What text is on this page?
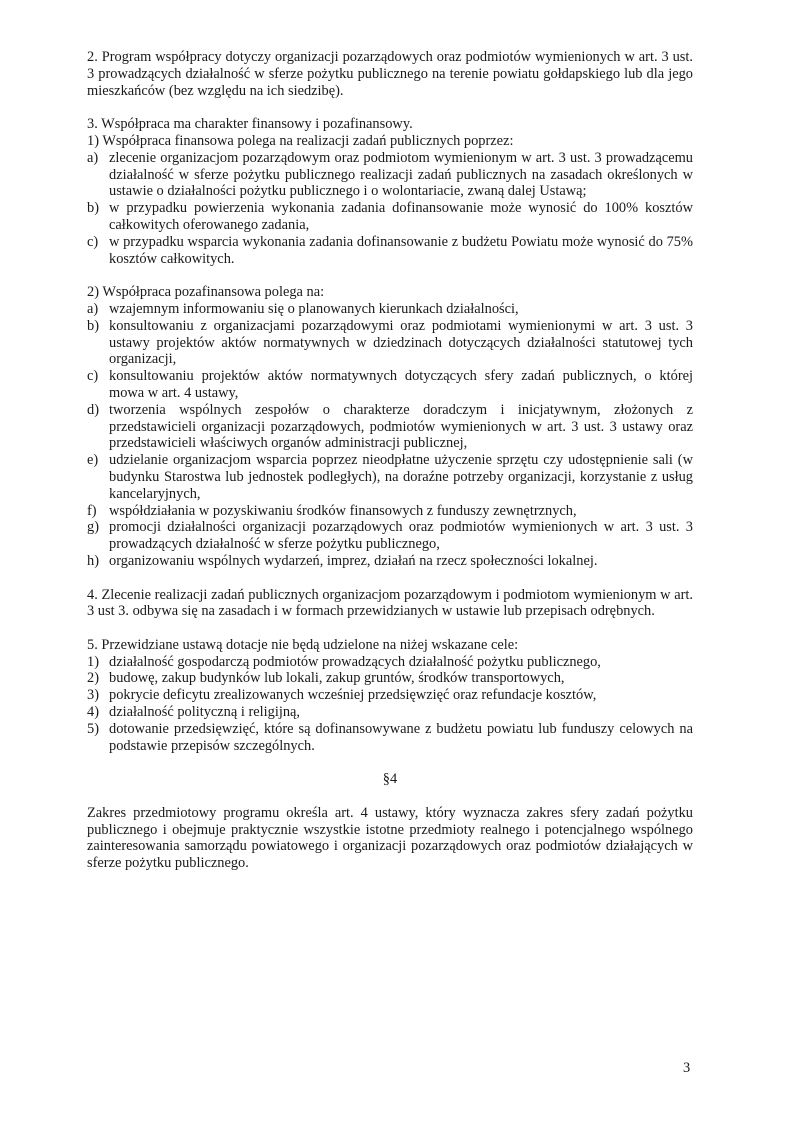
2. Program współpracy dotyczy organizacji pozarządowych oraz podmiotów wymienionych w art. 3 ust. 3 prowadzących działalność w sferze pożytku publicznego na terenie powiatu gołdapskiego lub dla jego mieszkańców (bez względu na ich siedzibę).

3. Współpraca ma charakter finansowy i pozafinansowy.

1) Współpraca finansowa polega na realizacji zadań publicznych poprzez:

a) zlecenie organizacjom pozarządowym oraz podmiotom wymienionym w art. 3 ust. 3 prowadzącemu działalność w sferze pożytku publicznego realizacji zadań publicznych na zasadach określonych w ustawie o działalności pożytku publicznego i o wolontariacie, zwaną dalej Ustawą;
b) w przypadku powierzenia wykonania zadania dofinansowanie może wynosić do 100% kosztów całkowitych oferowanego zadania,
c) w przypadku wsparcia wykonania zadania dofinansowanie z budżetu Powiatu może wynosić do 75% kosztów całkowitych.

2) Współpraca pozafinansowa polega na:

a) wzajemnym informowaniu się o planowanych kierunkach działalności,
b) konsultowaniu z organizacjami pozarządowymi oraz podmiotami wymienionymi w art. 3 ust. 3 ustawy projektów aktów normatywnych w dziedzinach dotyczących działalności statutowej tych organizacji,
c) konsultowaniu projektów aktów normatywnych dotyczących sfery zadań publicznych, o której mowa w art. 4 ustawy,
d) tworzenia wspólnych zespołów o charakterze doradczym i inicjatywnym, złożonych z przedstawicieli organizacji pozarządowych, podmiotów wymienionych w art. 3 ust. 3 ustawy oraz przedstawicieli właściwych organów administracji publicznej,
e) udzielanie organizacjom wsparcia poprzez nieodpłatne użyczenie sprzętu czy udostępnienie sali (w budynku Starostwa lub jednostek podległych), na doraźne potrzeby organizacji, korzystanie z usług kancelaryjnych,
f) współdziałania w pozyskiwaniu środków finansowych z funduszy zewnętrznych,
g) promocji działalności organizacji pozarządowych oraz podmiotów wymienionych w art. 3 ust. 3 prowadzących działalność w sferze pożytku publicznego,
h) organizowaniu wspólnych wydarzeń, imprez, działań na rzecz społeczności lokalnej.

4. Zlecenie realizacji zadań publicznych organizacjom pozarządowym i podmiotom wymienionym w art. 3 ust 3. odbywa się na zasadach i w formach przewidzianych w ustawie lub przepisach odrębnych.

5. Przewidziane ustawą dotacje nie będą udzielone na niżej wskazane cele:

1) działalność gospodarczą podmiotów prowadzących działalność pożytku publicznego,
2) budowę, zakup budynków lub lokali, zakup gruntów, środków transportowych,
3) pokrycie deficytu zrealizowanych wcześniej przedsięwzięć oraz refundacje kosztów,
4) działalność polityczną i religijną,
5) dotowanie przedsięwzięć, które są dofinansowywane z budżetu powiatu lub funduszy celowych na podstawie przepisów szczególnych.

§4

Zakres przedmiotowy programu określa art. 4 ustawy, który wyznacza zakres sfery zadań pożytku publicznego i obejmuje praktycznie wszystkie istotne przedmioty realnego i potencjalnego wspólnego zainteresowania samorządu powiatowego i organizacji pozarządowych oraz podmiotów działających w sferze pożytku publicznego.

3
